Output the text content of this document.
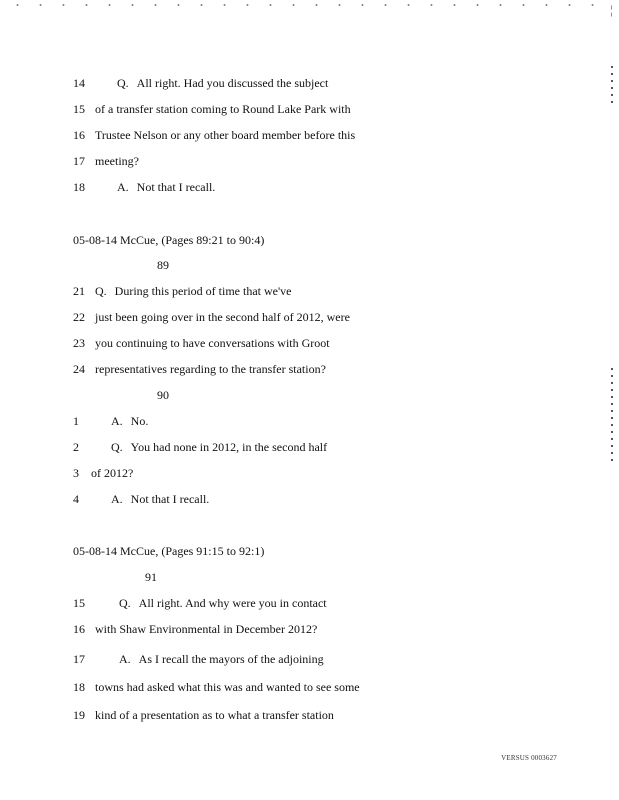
¦
14	Q. All right. Had you discussed the subject
15 of a transfer station coming to Round Lake Park with
16 Trustee Nelson or any other board member before this
17 meeting?
18	A. Not that I recall.
05-08-14 McCue, (Pages 89:21 to 90:4)
89
21 Q. During this period of time that we've
22 just been going over in the second half of 2012, were
23 you continuing to have conversations with Groot
24 representatives regarding to the transfer station?
90
1	A. No.
2	Q. You had none in 2012, in the second half
3 of 2012?
4	A. Not that I recall.
05-08-14 McCue, (Pages 91:15 to 92:1)
91
15	Q. All right. And why were you in contact
16 with Shaw Environmental in December 2012?
17	A. As I recall the mayors of the adjoining
18 towns had asked what this was and wanted to see some
19 kind of a presentation as to what a transfer station
VERSUS 0003627
